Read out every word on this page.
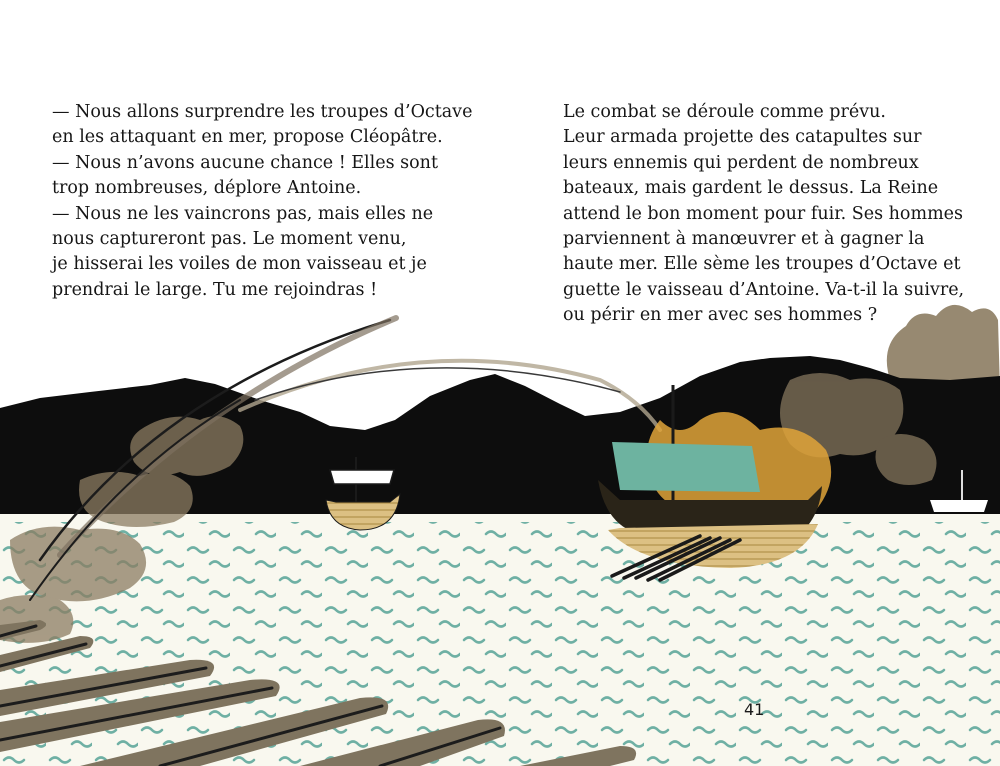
— Nous allons surprendre les troupes d’Octave
en les attaquant en mer, propose Cléopâtre.
— Nous n’avons aucune chance ! Elles sont
trop nombreuses, déplore Antoine.
— Nous ne les vaincrons pas, mais elles ne
nous captureront pas. Le moment venu,
je hisserai les voiles de mon vaisseau et je
prendrai le large. Tu me rejoindras !
Le combat se déroule comme prévu.
Leur armada projette des catapultes sur
leurs ennemis qui perdent de nombreux
bateaux, mais gardent le dessus. La Reine
attend le bon moment pour fuir. Ses hommes
parviennent à manœuvrer et à gagner la
haute mer. Elle sème les troupes d’Octave et
guette le vaisseau d’Antoine. Va-t-il la suivre,
ou périr en mer avec ses hommes ?
41
